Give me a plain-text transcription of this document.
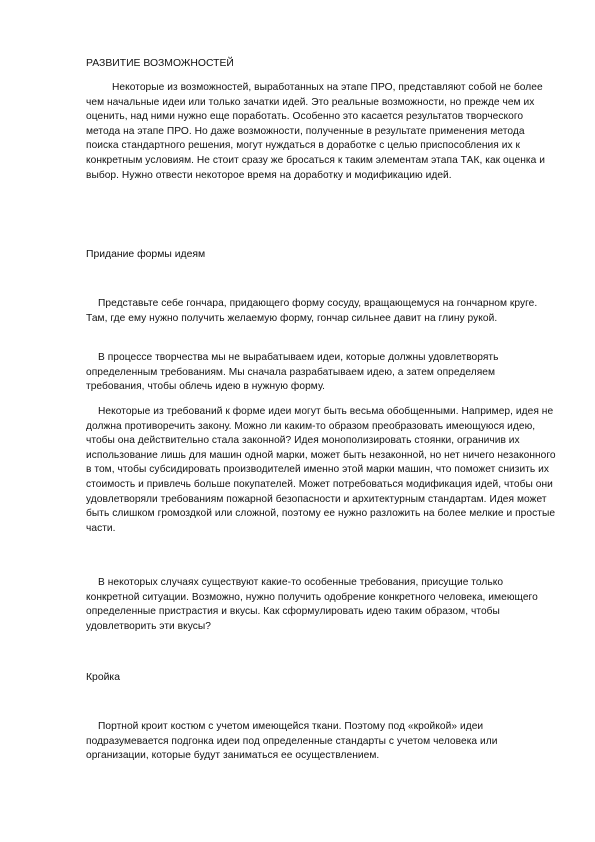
РАЗВИТИЕ ВОЗМОЖНОСТЕЙ

Некоторые из возможностей, выработанных на этапе ПРО, представляют собой не более чем начальные идеи или только зачатки идей. Это реальные возможности, но прежде чем их оценить, над ними нужно еще поработать. Особенно это касается результатов творческого метода на этапе ПРО. Но даже возможности, полученные в результате применения метода поиска стандартного решения, могут нуждаться в доработке с целью приспособления их к конкретным условиям. Не стоит сразу же бросаться к таким элементам этапа ТАК, как оценка и выбор. Нужно отвести некоторое время на доработку и модификацию идей.

Придание формы идеям

Представьте себе гончара, придающего форму сосуду, вращающемуся на гончарном круге. Там, где ему нужно получить желаемую форму, гончар сильнее давит на глину рукой.

В процессе творчества мы не вырабатываем идеи, которые должны удовлетворять определенным требованиям. Мы сначала разрабатываем идею, а затем определяем требования, чтобы облечь идею в нужную форму.

Некоторые из требований к форме идеи могут быть весьма обобщенными. Например, идея не должна противоречить закону. Можно ли каким-то образом преобразовать имеющуюся идею, чтобы она действительно стала законной? Идея монополизировать стоянки, ограничив их использование лишь для машин одной марки, может быть незаконной, но нет ничего незаконного в том, чтобы субсидировать производителей именно этой марки машин, что поможет снизить их стоимость и привлечь больше покупателей. Может потребоваться модификация идей, чтобы они удовлетворяли требованиям пожарной безопасности и архитектурным стандартам. Идея может быть слишком громоздкой или сложной, поэтому ее нужно разложить на более мелкие и простые части.

В некоторых случаях существуют какие-то особенные требования, присущие только конкретной ситуации. Возможно, нужно получить одобрение конкретного человека, имеющего определенные пристрастия и вкусы. Как сформулировать идею таким образом, чтобы удовлетворить эти вкусы?

Кройка

Портной кроит костюм с учетом имеющейся ткани. Поэтому под «кройкой» идеи подразумевается подгонка идеи под определенные стандарты с учетом человека или организации, которые будут заниматься ее осуществлением.
